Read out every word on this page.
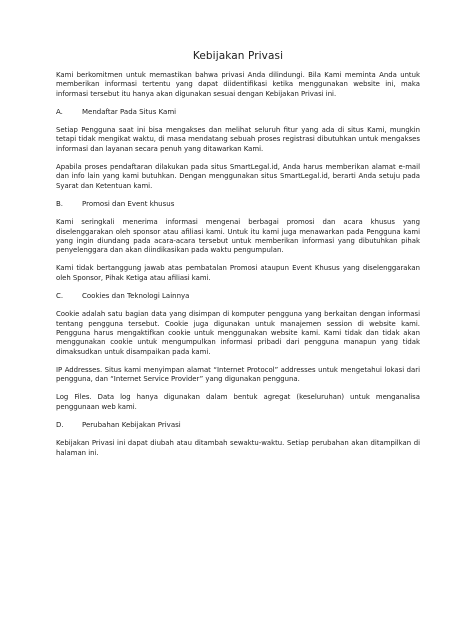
Kebijakan Privasi

Kami berkomitmen untuk memastikan bahwa privasi Anda dilindungi. Bila Kami meminta Anda untuk memberikan informasi tertentu yang dapat diidentifikasi ketika menggunakan website ini, maka informasi tersebut itu hanya akan digunakan sesuai dengan Kebijakan Privasi ini.

A.	Mendaftar Pada Situs Kami

Setiap Pengguna saat ini bisa mengakses dan melihat seluruh fitur yang ada di situs Kami, mungkin tetapi tidak mengikat waktu, di masa mendatang sebuah proses registrasi dibutuhkan untuk mengakses informasi dan layanan secara penuh yang ditawarkan Kami.

Apabila proses pendaftaran dilakukan pada situs SmartLegal.id, Anda harus memberikan alamat e-mail dan info lain yang kami butuhkan. Dengan menggunakan situs SmartLegal.id, berarti Anda setuju pada Syarat dan Ketentuan kami.

B.	Promosi dan Event khusus

Kami seringkali menerima informasi mengenai berbagai promosi dan acara khusus yang diselenggarakan oleh sponsor atau afiliasi kami. Untuk itu kami juga menawarkan pada Pengguna kami yang ingin diundang pada acara-acara tersebut untuk memberikan informasi yang dibutuhkan pihak penyelenggara dan akan diindikasikan pada waktu pengumpulan.

Kami tidak bertanggung jawab atas pembatalan Promosi ataupun Event Khusus yang diselenggarakan oleh Sponsor, Pihak Ketiga atau afiliasi kami.

C.	Cookies dan Teknologi Lainnya

Cookie adalah satu bagian data yang disimpan di komputer pengguna yang berkaitan dengan informasi tentang pengguna tersebut. Cookie juga digunakan untuk manajemen session di website kami. Pengguna harus mengaktifkan cookie untuk menggunakan website kami. Kami tidak dan tidak akan menggunakan cookie untuk mengumpulkan informasi pribadi dari pengguna manapun yang tidak dimaksudkan untuk disampaikan pada kami.

IP Addresses. Situs kami menyimpan alamat “Internet Protocol” addresses untuk mengetahui lokasi dari pengguna, dan “Internet Service Provider” yang digunakan pengguna.

Log Files. Data log hanya digunakan dalam bentuk agregat (keseluruhan) untuk menganalisa penggunaan web kami.

D.	Perubahan Kebijakan Privasi

Kebijakan Privasi ini dapat diubah atau ditambah sewaktu-waktu. Setiap perubahan akan ditampilkan di halaman ini.
